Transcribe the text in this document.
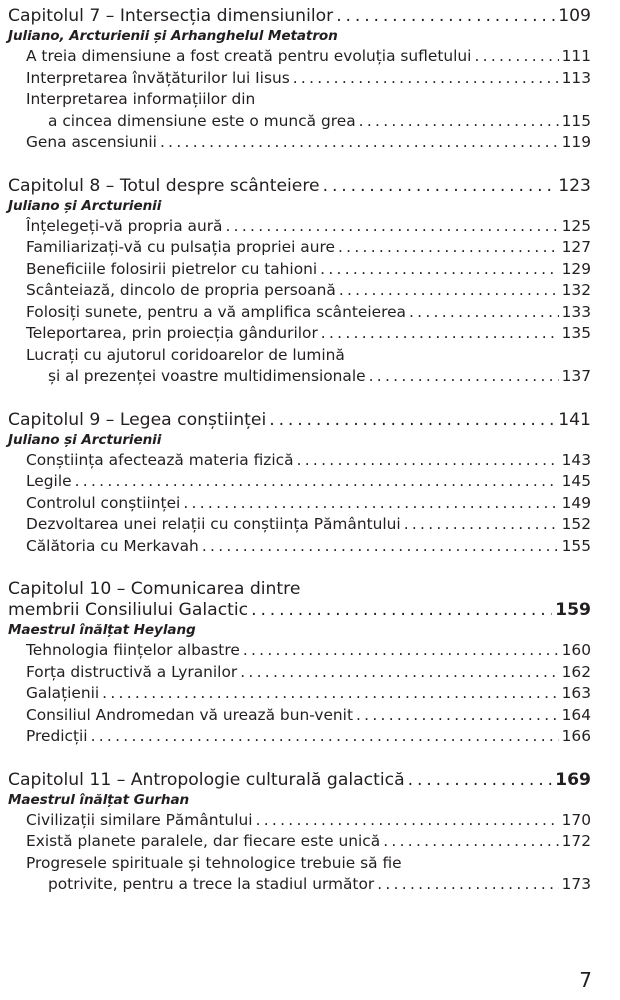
Capitolul 7 – Intersecția dimensiunilor . . .	109
Juliano, Arcturienii și Arhanghelul Metatron
A treia dimensiune a fost creată pentru evoluția sufletului . . .	111
Interpretarea învățăturilor lui Iisus . . .	113
Interpretarea informațiilor din
a cincea dimensiune este o muncă grea . . .	115
Gena ascensiunii . . .	119
Capitolul 8 – Totul despre scânteiere . . .	123
Juliano și Arcturienii
Înțelegeți-vă propria aură . . .	125
Familiarizați-vă cu pulsația propriei aure . . .	127
Beneficiile folosirii pietrelor cu tahioni . . .	129
Scânteiază, dincolo de propria persoană . . .	132
Folosiți sunete, pentru a vă amplifica scânteierea . . .	133
Teleportarea, prin proiecția gândurilor . . .	135
Lucrați cu ajutorul coridoarelor de lumină
și al prezenței voastre multidimensionale . . .	137
Capitolul 9 – Legea conștiinței . . .	141
Juliano și Arcturienii
Conștiința afectează materia fizică . . .	143
Legile . . .	145
Controlul conștiinței . . .	149
Dezvoltarea unei relații cu conștiința Pământului . . .	152
Călătoria cu Merkavah . . .	155
Capitolul 10 – Comunicarea dintre
membrii Consiliului Galactic . . .	159
Maestrul înălțat Heylang
Tehnologia ființelor albastre . . .	160
Forța distructivă a Lyranilor . . .	162
Galațienii . . .	163
Consiliul Andromedan vă urează bun-venit . . .	164
Predicții . . .	166
Capitolul 11 – Antropologie culturală galactică . . .	169
Maestrul înălțat Gurhan
Civilizații similare Pământului . . .	170
Există planete paralele, dar fiecare este unică . . .	172
Progresele spirituale și tehnologice trebuie să fie
potrivite, pentru a trece la stadiul următor . . .	173
7
